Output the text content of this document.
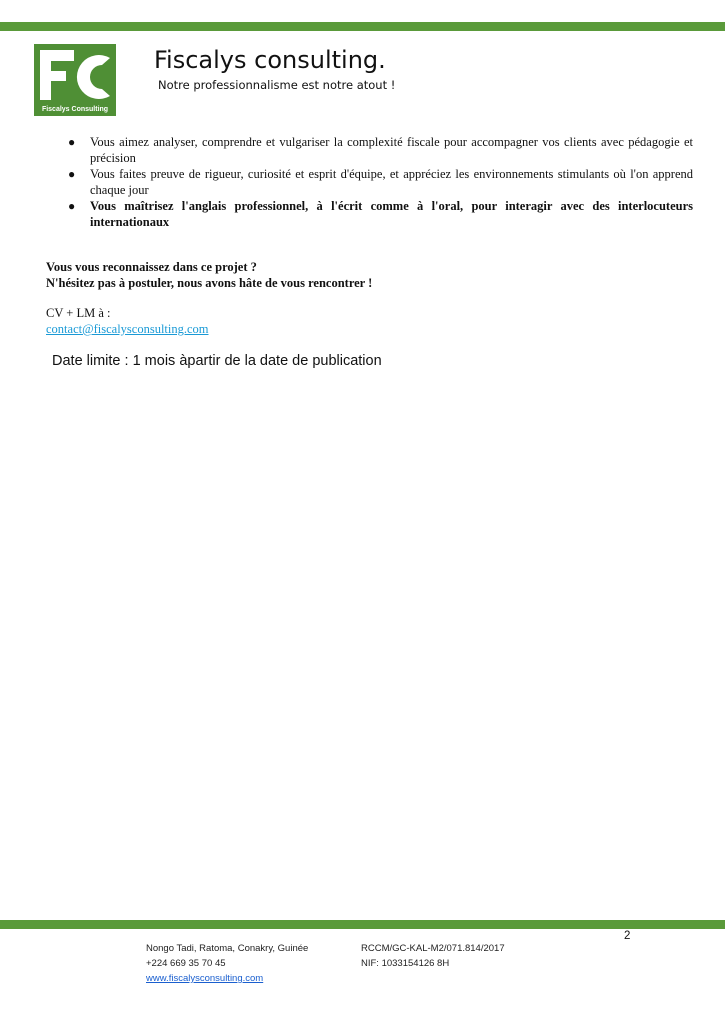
Fiscalys Consulting
Fiscalys consulting.
Notre professionnalisme est notre atout !
● Vous aimez analyser, comprendre et vulgariser la complexité fiscale pour accompagner vos clients avec pédagogie et précision
● Vous faites preuve de rigueur, curiosité et esprit d'équipe, et appréciez les environnements stimulants où l'on apprend chaque jour
● Vous maîtrisez l'anglais professionnel, à l'écrit comme à l'oral, pour interagir avec des interlocuteurs internationaux
Vous vous reconnaissez dans ce projet ?
N'hésitez pas à postuler, nous avons hâte de vous rencontrer !
CV + LM à :
contact@fiscalysconsulting.com
Date limite : 1 mois àpartir de la date de publication
2
Nongo Tadi, Ratoma, Conakry, Guinée
+224 669 35 70 45
www.fiscalysconsulting.com
RCCM/GC-KAL-M2/071.814/2017
NIF: 1033154126 8H
